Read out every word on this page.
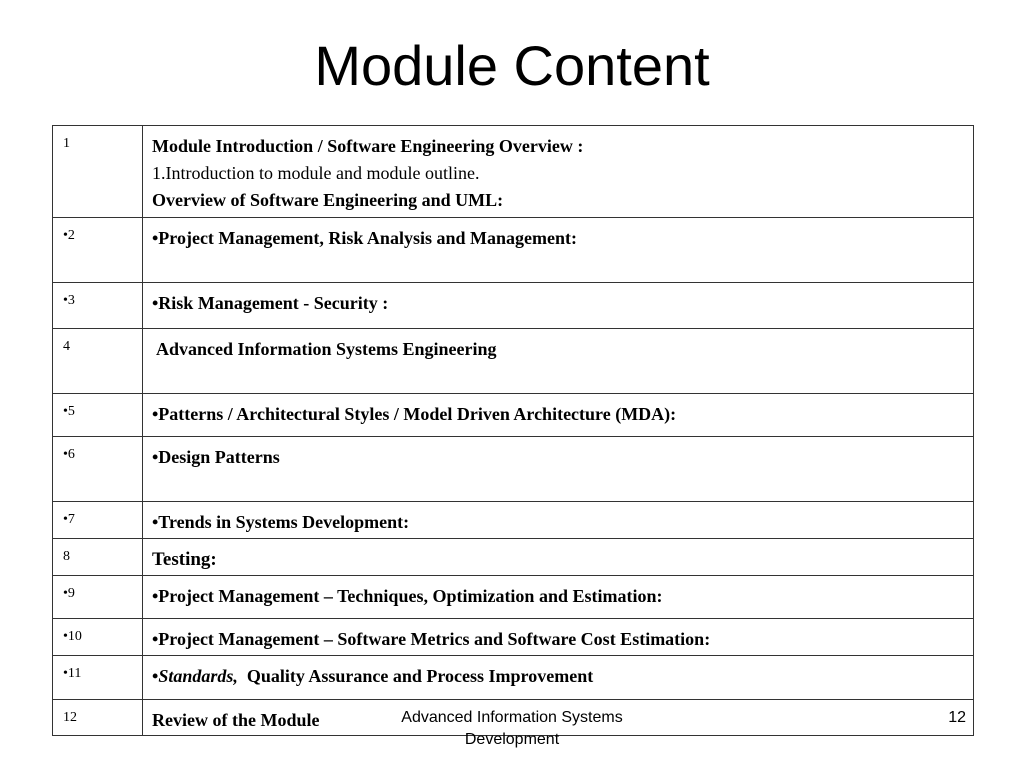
Module Content
1	Module Introduction / Software Engineering Overview :
1.Introduction to module and module outline.
Overview of Software Engineering and UML:

•2	•Project Management, Risk Analysis and Management:

•3	•Risk Management - Security :

4	Advanced Information Systems Engineering

•5	•Patterns / Architectural Styles / Model Driven Architecture (MDA):

•6	•Design Patterns

•7	•Trends in Systems Development:

8	Testing:

•9	•Project Management – Techniques, Optimization and Estimation:

•10	•Project Management – Software Metrics and Software Cost Estimation:

•11	•Standards, Quality Assurance and Process Improvement

12	Review of the Module	Advanced Information Systems Development
12
